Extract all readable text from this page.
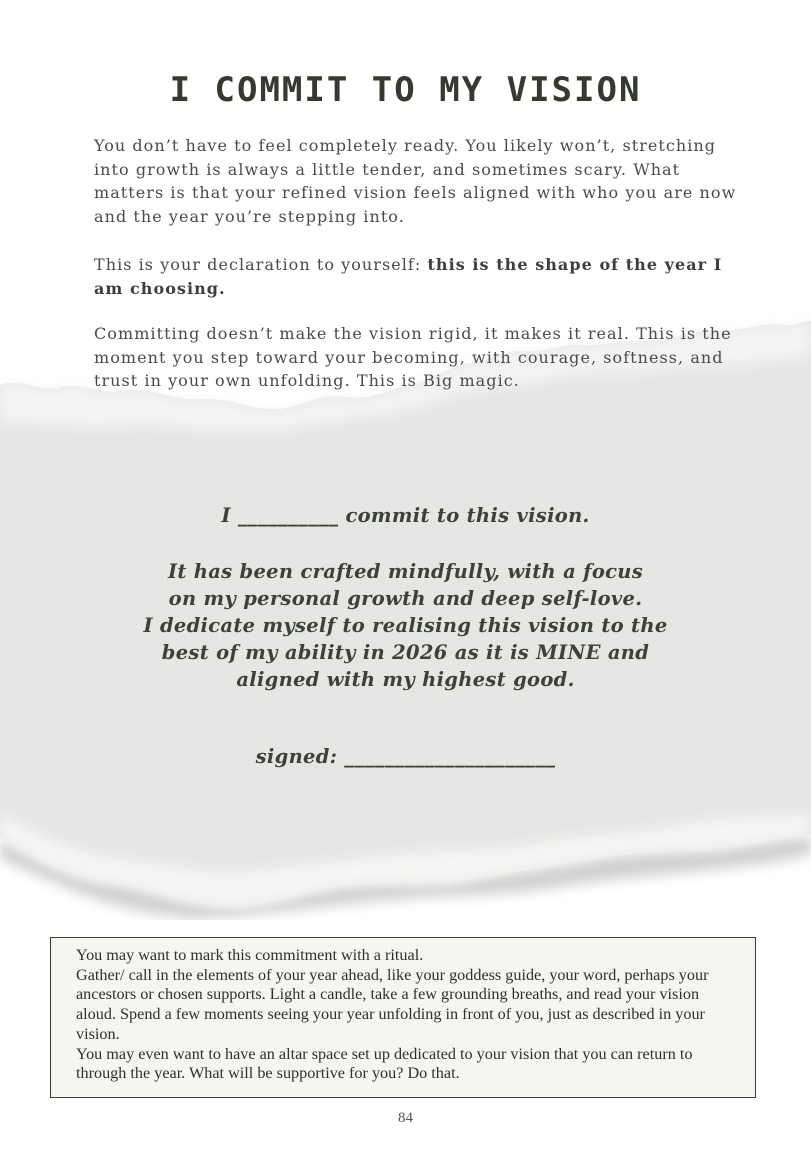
I COMMIT TO MY VISION

You don’t have to feel completely ready. You likely won’t, stretching into growth is always a little tender, and sometimes scary. What matters is that your refined vision feels aligned with who you are now and the year you’re stepping into.

This is your declaration to yourself: this is the shape of the year I am choosing.

Committing doesn’t make the vision rigid, it makes it real. This is the moment you step toward your becoming, with courage, softness, and trust in your own unfolding. This is Big magic.

I __________ commit to this vision.

It has been crafted mindfully, with a focus
on my personal growth and deep self-love.
I dedicate myself to realising this vision to the
best of my ability in 2026 as it is MINE and
aligned with my highest good.

signed: _____________________

You may want to mark this commitment with a ritual.

Gather/ call in the elements of your year ahead, like your goddess guide, your word, perhaps your ancestors or chosen supports. Light a candle, take a few grounding breaths, and read your vision aloud. Spend a few moments seeing your year unfolding in front of you, just as described in your vision.

You may even want to have an altar space set up dedicated to your vision that you can return to through the year. What will be supportive for you? Do that.

84
